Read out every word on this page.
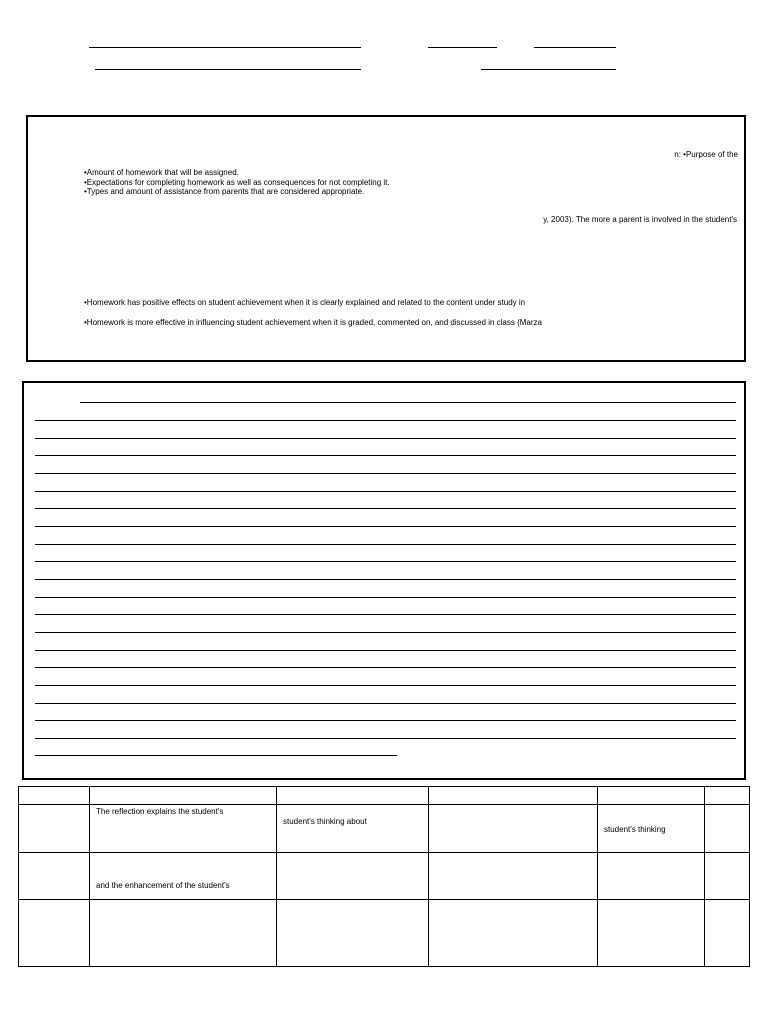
n: •Purpose of the
•Amount of homework that will be assigned.
•Expectations for completing homework as well as consequences for not completing it.
•Types and amount of assistance from parents that are considered appropriate.
y, 2003). The more a parent is involved in the student's
•Homework has positive effects on student achievement when it is clearly explained and related to the content under study in
•Homework is more effective in influencing student achievement when it is graded, commented on, and discussed in class (Marza

	The reflection explains the student's	student's thinking about		student's thinking	

	and the enhancement of the student's				
